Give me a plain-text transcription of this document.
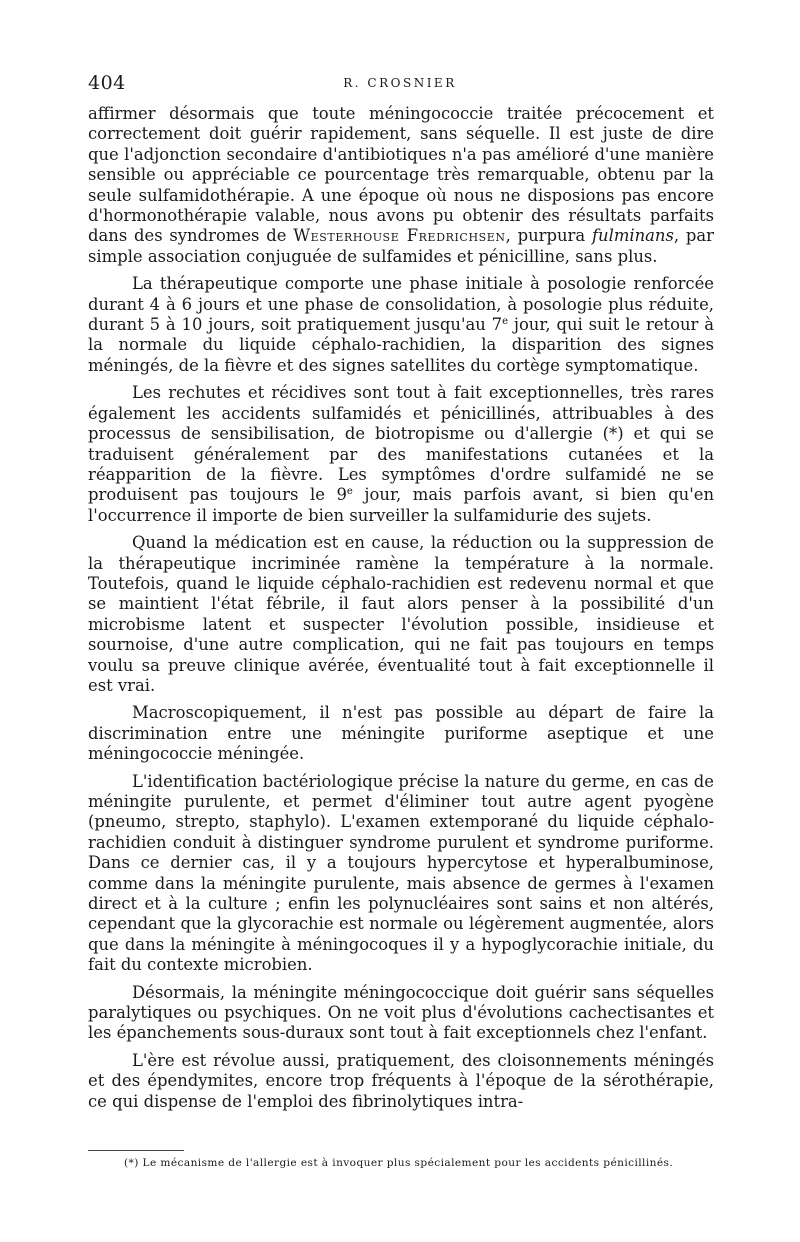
404	R. CROSNIER

affirmer désormais que toute méningococcie traitée précocement et correctement doit guérir rapidement, sans séquelle. Il est juste de dire que l'adjonction secondaire d'antibiotiques n'a pas amélioré d'une manière sensible ou appréciable ce pourcentage très remarquable, obtenu par la seule sulfamidothérapie. A une époque où nous ne disposions pas encore d'hormonothérapie valable, nous avons pu obtenir des résultats parfaits dans des syndromes de Westerhouse Fredrichsen, purpura fulminans, par simple association conjuguée de sulfamides et pénicilline, sans plus.

La thérapeutique comporte une phase initiale à posologie renforcée durant 4 à 6 jours et une phase de consolidation, à posologie plus réduite, durant 5 à 10 jours, soit pratiquement jusqu'au 7e jour, qui suit le retour à la normale du liquide céphalo-rachidien, la disparition des signes méningés, de la fièvre et des signes satellites du cortège symptomatique.

Les rechutes et récidives sont tout à fait exceptionnelles, très rares également les accidents sulfamidés et pénicillinés, attribuables à des processus de sensibilisation, de biotropisme ou d'allergie (*) et qui se traduisent généralement par des manifestations cutanées et la réapparition de la fièvre. Les symptômes d'ordre sulfamidé ne se produisent pas toujours le 9e jour, mais parfois avant, si bien qu'en l'occurrence il importe de bien surveiller la sulfamidurie des sujets.

Quand la médication est en cause, la réduction ou la suppression de la thérapeutique incriminée ramène la température à la normale. Toutefois, quand le liquide céphalo-rachidien est redevenu normal et que se maintient l'état fébrile, il faut alors penser à la possibilité d'un microbisme latent et suspecter l'évolution possible, insidieuse et sournoise, d'une autre complication, qui ne fait pas toujours en temps voulu sa preuve clinique avérée, éventualité tout à fait exceptionnelle il est vrai.

Macroscopiquement, il n'est pas possible au départ de faire la discrimination entre une méningite puriforme aseptique et une méningococcie méningée.

L'identification bactériologique précise la nature du germe, en cas de méningite purulente, et permet d'éliminer tout autre agent pyogène (pneumo, strepto, staphylo). L'examen extemporané du liquide céphalo-rachidien conduit à distinguer syndrome purulent et syndrome puriforme. Dans ce dernier cas, il y a toujours hypercytose et hyperalbuminose, comme dans la méningite purulente, mais absence de germes à l'examen direct et à la culture ; enfin les polynucléaires sont sains et non altérés, cependant que la glycorachie est normale ou légèrement augmentée, alors que dans la méningite à méningocoques il y a hypoglycorachie initiale, du fait du contexte microbien.

Désormais, la méningite méningococcique doit guérir sans séquelles paralytiques ou psychiques. On ne voit plus d'évolutions cachectisantes et les épanchements sous-duraux sont tout à fait exceptionnels chez l'enfant.

L'ère est révolue aussi, pratiquement, des cloisonnements méningés et des épendymites, encore trop fréquents à l'époque de la sérothérapie, ce qui dispense de l'emploi des fibrinolytiques intra-

(*) Le mécanisme de l'allergie est à invoquer plus spécialement pour les accidents pénicillinés.
